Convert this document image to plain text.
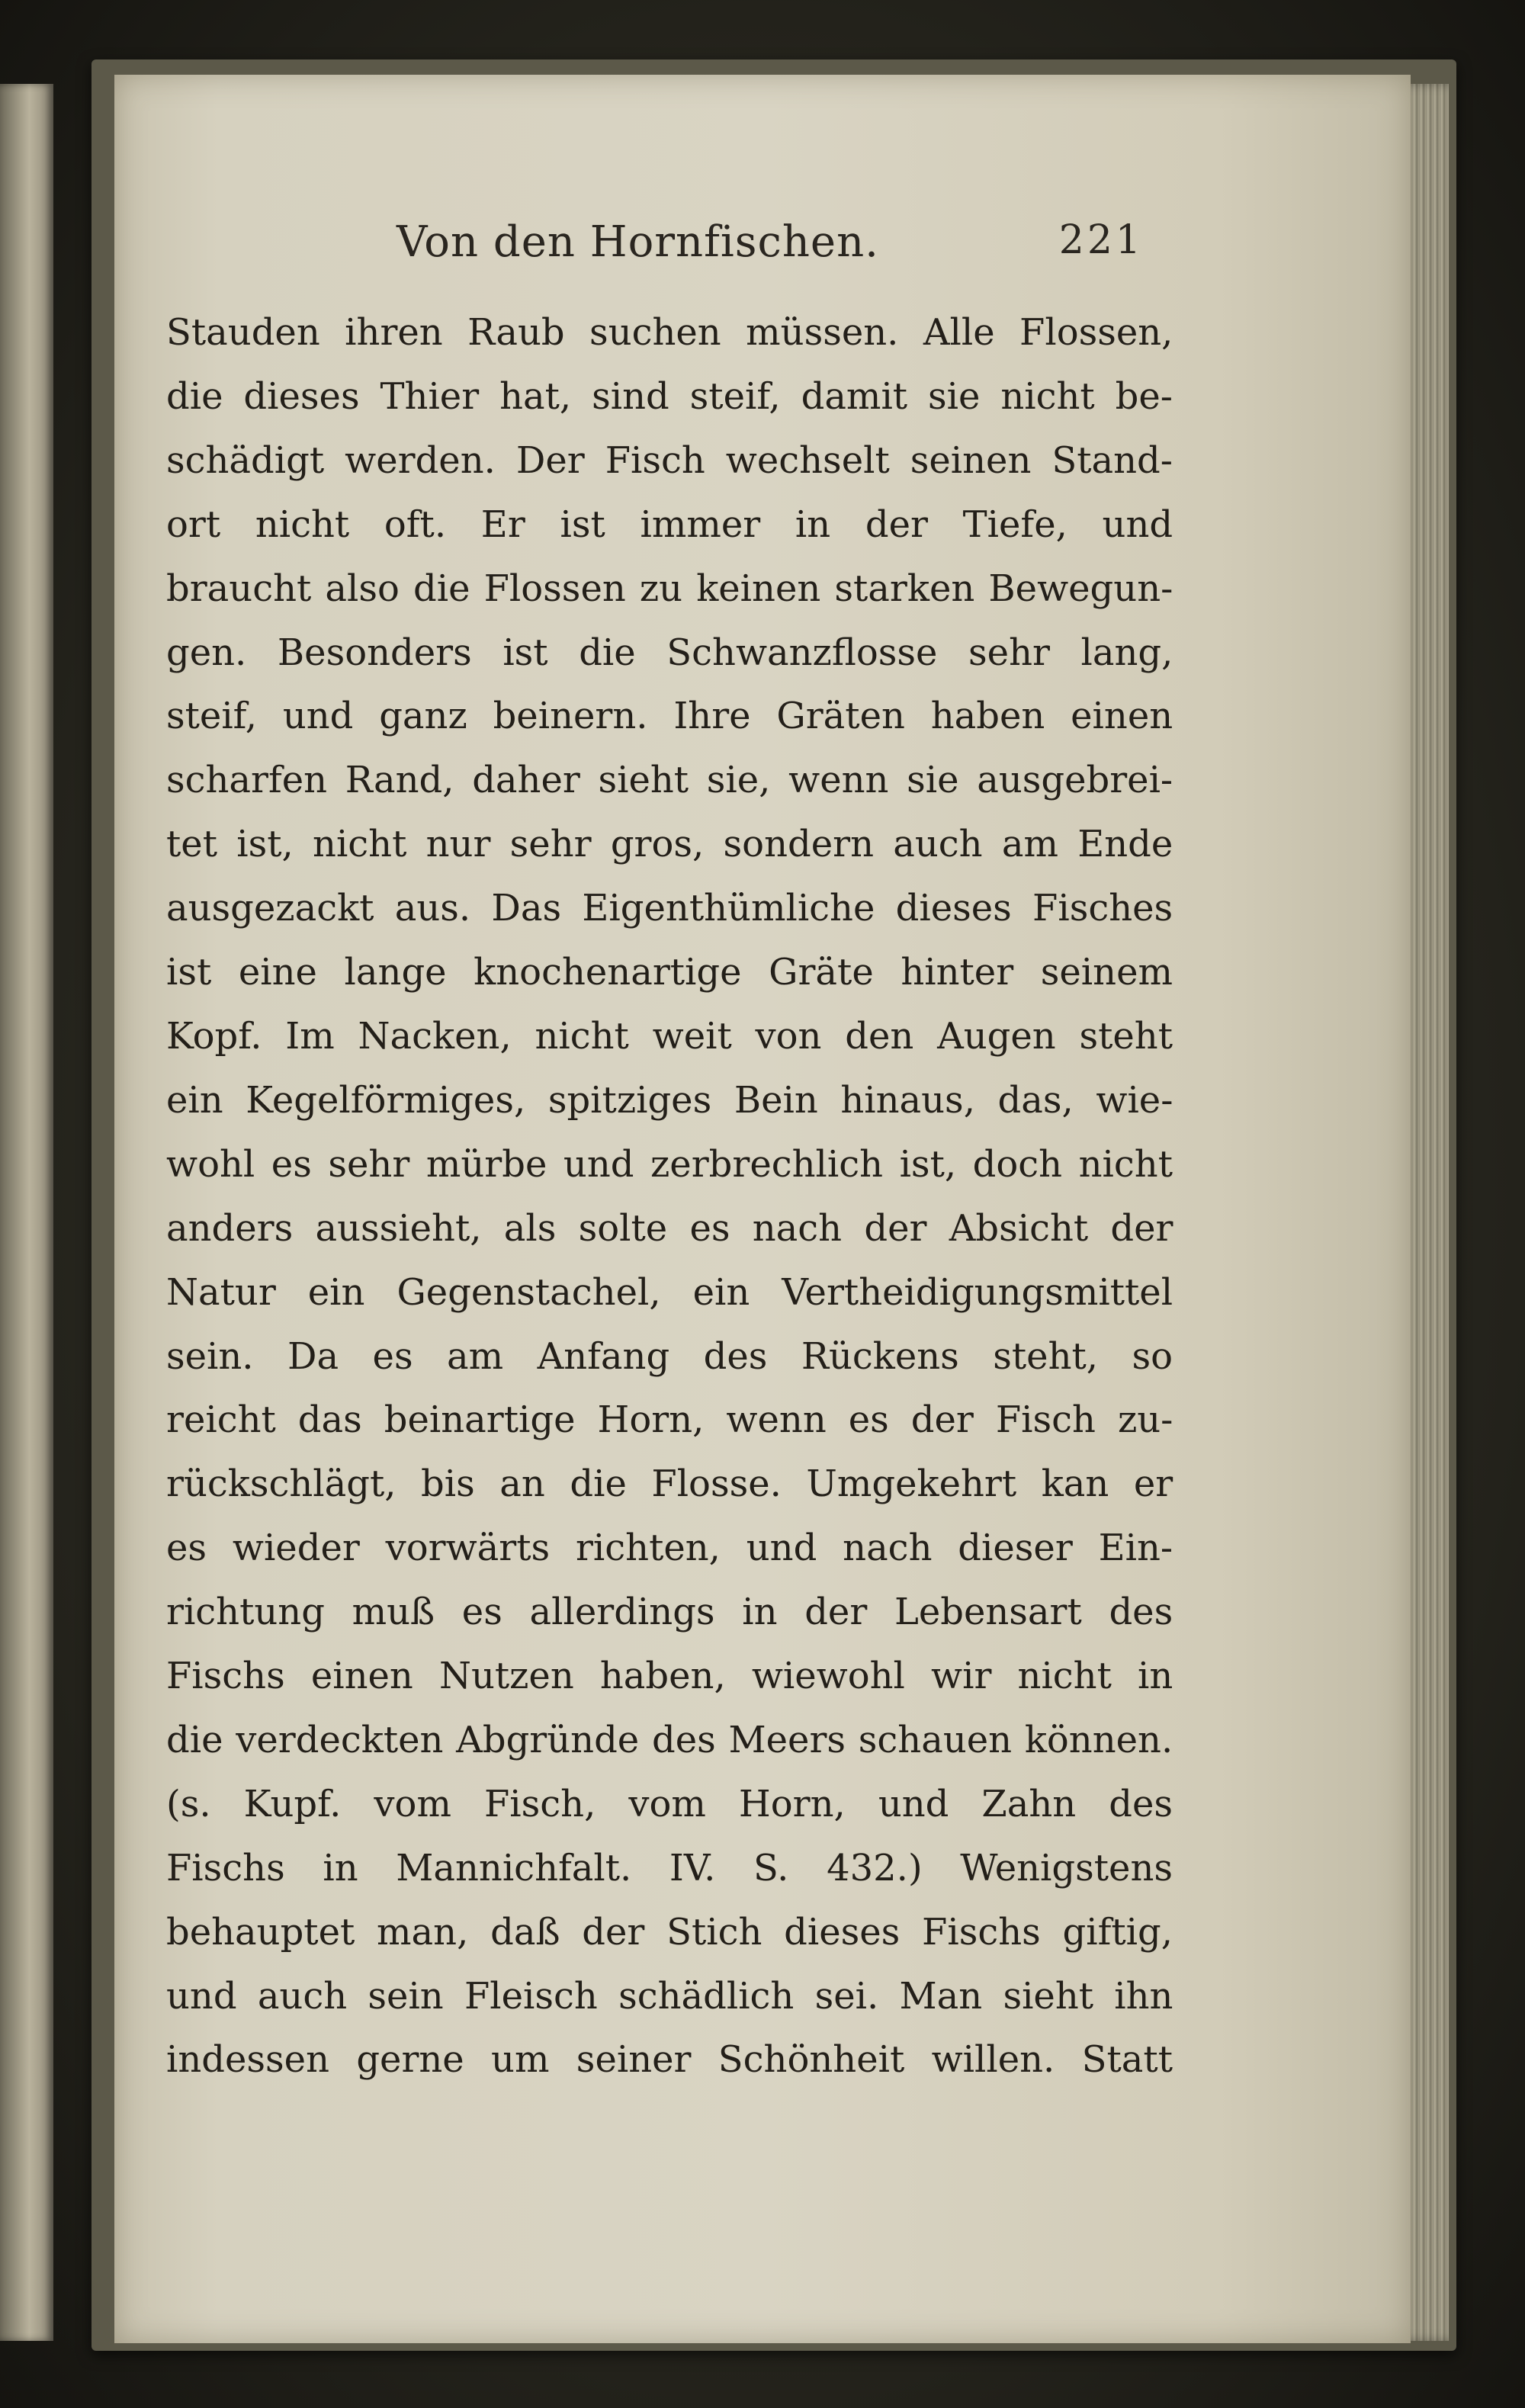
Von den Hornfischen.	221
Stauden ihren Raub suchen müssen. Alle Flossen,
die dieses Thier hat, sind steif, damit sie nicht be-
schädigt werden. Der Fisch wechselt seinen Stand-
ort nicht oft. Er ist immer in der Tiefe, und
braucht also die Flossen zu keinen starken Bewegun-
gen. Besonders ist die Schwanzflosse sehr lang,
steif, und ganz beinern. Ihre Gräten haben einen
scharfen Rand, daher sieht sie, wenn sie ausgebrei-
tet ist, nicht nur sehr gros, sondern auch am Ende
ausgezackt aus. Das Eigenthümliche dieses Fisches
ist eine lange knochenartige Gräte hinter seinem
Kopf. Im Nacken, nicht weit von den Augen steht
ein Kegelförmiges, spitziges Bein hinaus, das, wie-
wohl es sehr mürbe und zerbrechlich ist, doch nicht
anders aussieht, als solte es nach der Absicht der
Natur ein Gegenstachel, ein Vertheidigungsmittel
sein. Da es am Anfang des Rückens steht, so
reicht das beinartige Horn, wenn es der Fisch zu-
rückschlägt, bis an die Flosse. Umgekehrt kan er
es wieder vorwärts richten, und nach dieser Ein-
richtung muß es allerdings in der Lebensart des
Fischs einen Nutzen haben, wiewohl wir nicht in
die verdeckten Abgründe des Meers schauen können.
(s. Kupf. vom Fisch, vom Horn, und Zahn des
Fischs in Mannichfalt. IV. S. 432.) Wenigstens
behauptet man, daß der Stich dieses Fischs giftig,
und auch sein Fleisch schädlich sei. Man sieht ihn
indessen gerne um seiner Schönheit willen. Statt
